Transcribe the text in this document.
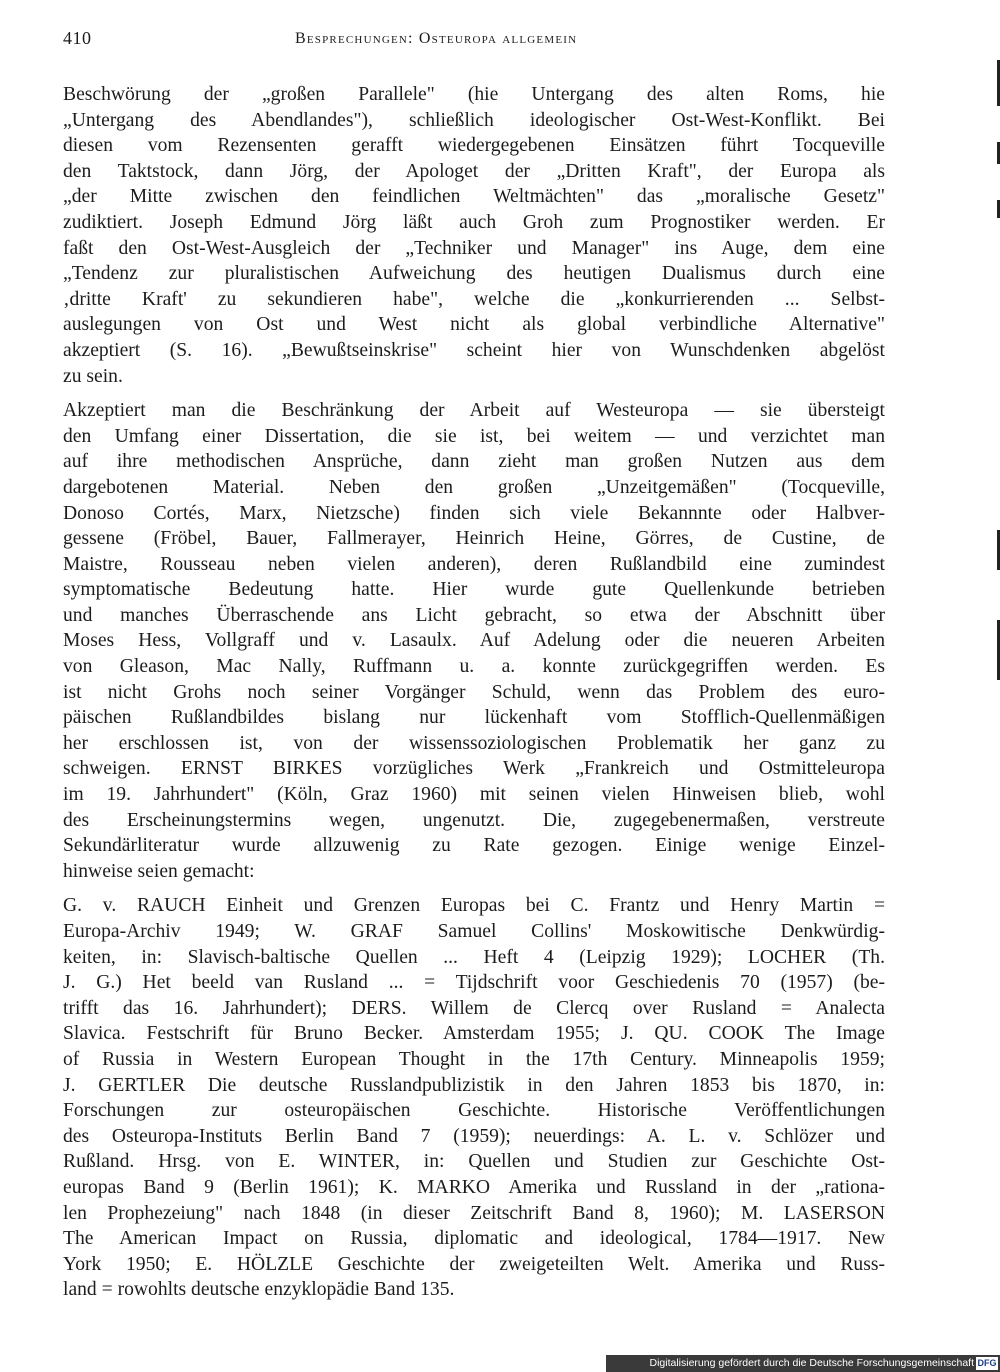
410	Besprechungen: Osteuropa allgemein

Beschwörung der „großen Parallele" (hie Untergang des alten Roms, hie
„Untergang des Abendlandes"), schließlich ideologischer Ost-West-Konflikt. Bei
diesen vom Rezensenten gerafft wiedergegebenen Einsätzen führt Tocqueville
den Taktstock, dann Jörg, der Apologet der „Dritten Kraft", der Europa als
„der Mitte zwischen den feindlichen Weltmächten" das „moralische Gesetz"
zudiktiert. Joseph Edmund Jörg läßt auch Groh zum Prognostiker werden. Er
faßt den Ost-West-Ausgleich der „Techniker und Manager" ins Auge, dem eine
„Tendenz zur pluralistischen Aufweichung des heutigen Dualismus durch eine
‚dritte Kraft' zu sekundieren habe", welche die „konkurrierenden ... Selbst-
auslegungen von Ost und West nicht als global verbindliche Alternative"
akzeptiert (S. 16). „Bewußtseinskrise" scheint hier von Wunschdenken abgelöst
zu sein.

Akzeptiert man die Beschränkung der Arbeit auf Westeuropa — sie übersteigt
den Umfang einer Dissertation, die sie ist, bei weitem — und verzichtet man
auf ihre methodischen Ansprüche, dann zieht man großen Nutzen aus dem
dargebotenen Material. Neben den großen „Unzeitgemäßen" (Tocqueville,
Donoso Cortés, Marx, Nietzsche) finden sich viele Bekannnte oder Halbver-
gessene (Fröbel, Bauer, Fallmerayer, Heinrich Heine, Görres, de Custine, de
Maistre, Rousseau neben vielen anderen), deren Rußlandbild eine zumindest
symptomatische Bedeutung hatte. Hier wurde gute Quellenkunde betrieben
und manches Überraschende ans Licht gebracht, so etwa der Abschnitt über
Moses Hess, Vollgraff und v. Lasaulx. Auf Adelung oder die neueren Arbeiten
von Gleason, Mac Nally, Ruffmann u. a. konnte zurückgegriffen werden. Es
ist nicht Grohs noch seiner Vorgänger Schuld, wenn das Problem des euro-
päischen Rußlandbildes bislang nur lückenhaft vom Stofflich-Quellenmäßigen
her erschlossen ist, von der wissenssoziologischen Problematik her ganz zu
schweigen. ERNST BIRKES vorzügliches Werk „Frankreich und Ostmitteleuropa
im 19. Jahrhundert" (Köln, Graz 1960) mit seinen vielen Hinweisen blieb, wohl
des Erscheinungstermins wegen, ungenutzt. Die, zugegebenermaßen, verstreute
Sekundärliteratur wurde allzuwenig zu Rate gezogen. Einige wenige Einzel-
hinweise seien gemacht:

G. v. RAUCH Einheit und Grenzen Europas bei C. Frantz und Henry Martin =
Europa-Archiv 1949; W. GRAF Samuel Collins' Moskowitische Denkwürdig-
keiten, in: Slavisch-baltische Quellen ... Heft 4 (Leipzig 1929); LOCHER (Th.
J. G.) Het beeld van Rusland ... = Tijdschrift voor Geschiedenis 70 (1957) (be-
trifft das 16. Jahrhundert); DERS. Willem de Clercq over Rusland = Analecta
Slavica. Festschrift für Bruno Becker. Amsterdam 1955; J. QU. COOK The Image
of Russia in Western European Thought in the 17th Century. Minneapolis 1959;
J. GERTLER Die deutsche Russlandpublizistik in den Jahren 1853 bis 1870, in:
Forschungen zur osteuropäischen Geschichte. Historische Veröffentlichungen
des Osteuropa-Instituts Berlin Band 7 (1959); neuerdings: A. L. v. Schlözer und
Rußland. Hrsg. von E. WINTER, in: Quellen und Studien zur Geschichte Ost-
europas Band 9 (Berlin 1961); K. MARKO Amerika und Russland in der „rationa-
len Prophezeiung" nach 1848 (in dieser Zeitschrift Band 8, 1960); M. LASERSON
The American Impact on Russia, diplomatic and ideological, 1784—1917. New
York 1950; E. HÖLZLE Geschichte der zweigeteilten Welt. Amerika und Russ-
land = rowohlts deutsche enzyklopädie Band 135.

Digitalisierung gefördert durch die Deutsche Forschungsgemeinschaft DFG
